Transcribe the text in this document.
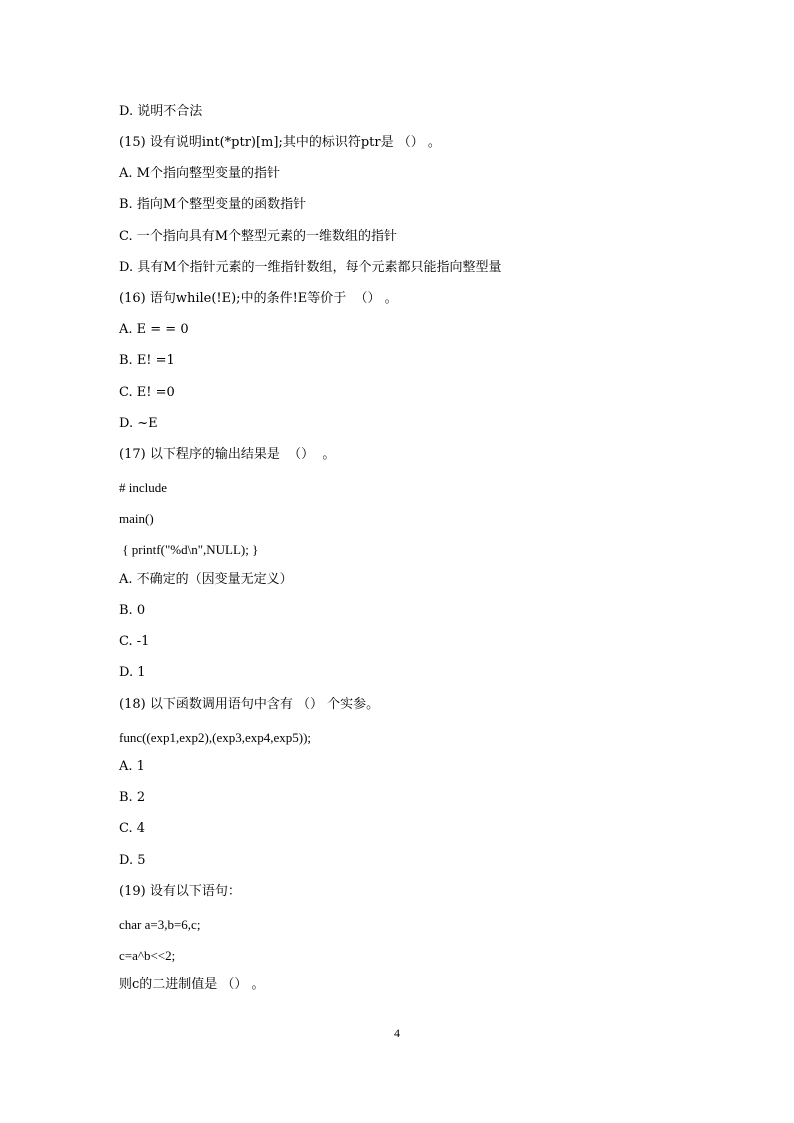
D. 说明不合法
(15) 设有说明int(*ptr)[m];其中的标识符ptr是 （） 。
A. M个指向整型变量的指针
B. 指向M个整型变量的函数指针
C. 一个指向具有M个整型元素的一维数组的指针
D. 具有M个指针元素的一维指针数组，每个元素都只能指向整型量
(16) 语句while(!E);中的条件!E等价于  （） 。
A. E = = 0
B. E! =1
C. E! =0
D. ~E
(17) 以下程序的输出结果是  （）  。
# include
main()
{ printf("%d\n",NULL); }
A. 不确定的（因变量无定义）
B. 0
C. -1
D. 1
(18) 以下函数调用语句中含有 （） 个实参。
func((exp1,exp2),(exp3,exp4,exp5));
A. 1
B. 2
C. 4
D. 5
(19) 设有以下语句：
char a=3,b=6,c;
c=a^b<<2;
则c的二进制值是 （） 。
4
